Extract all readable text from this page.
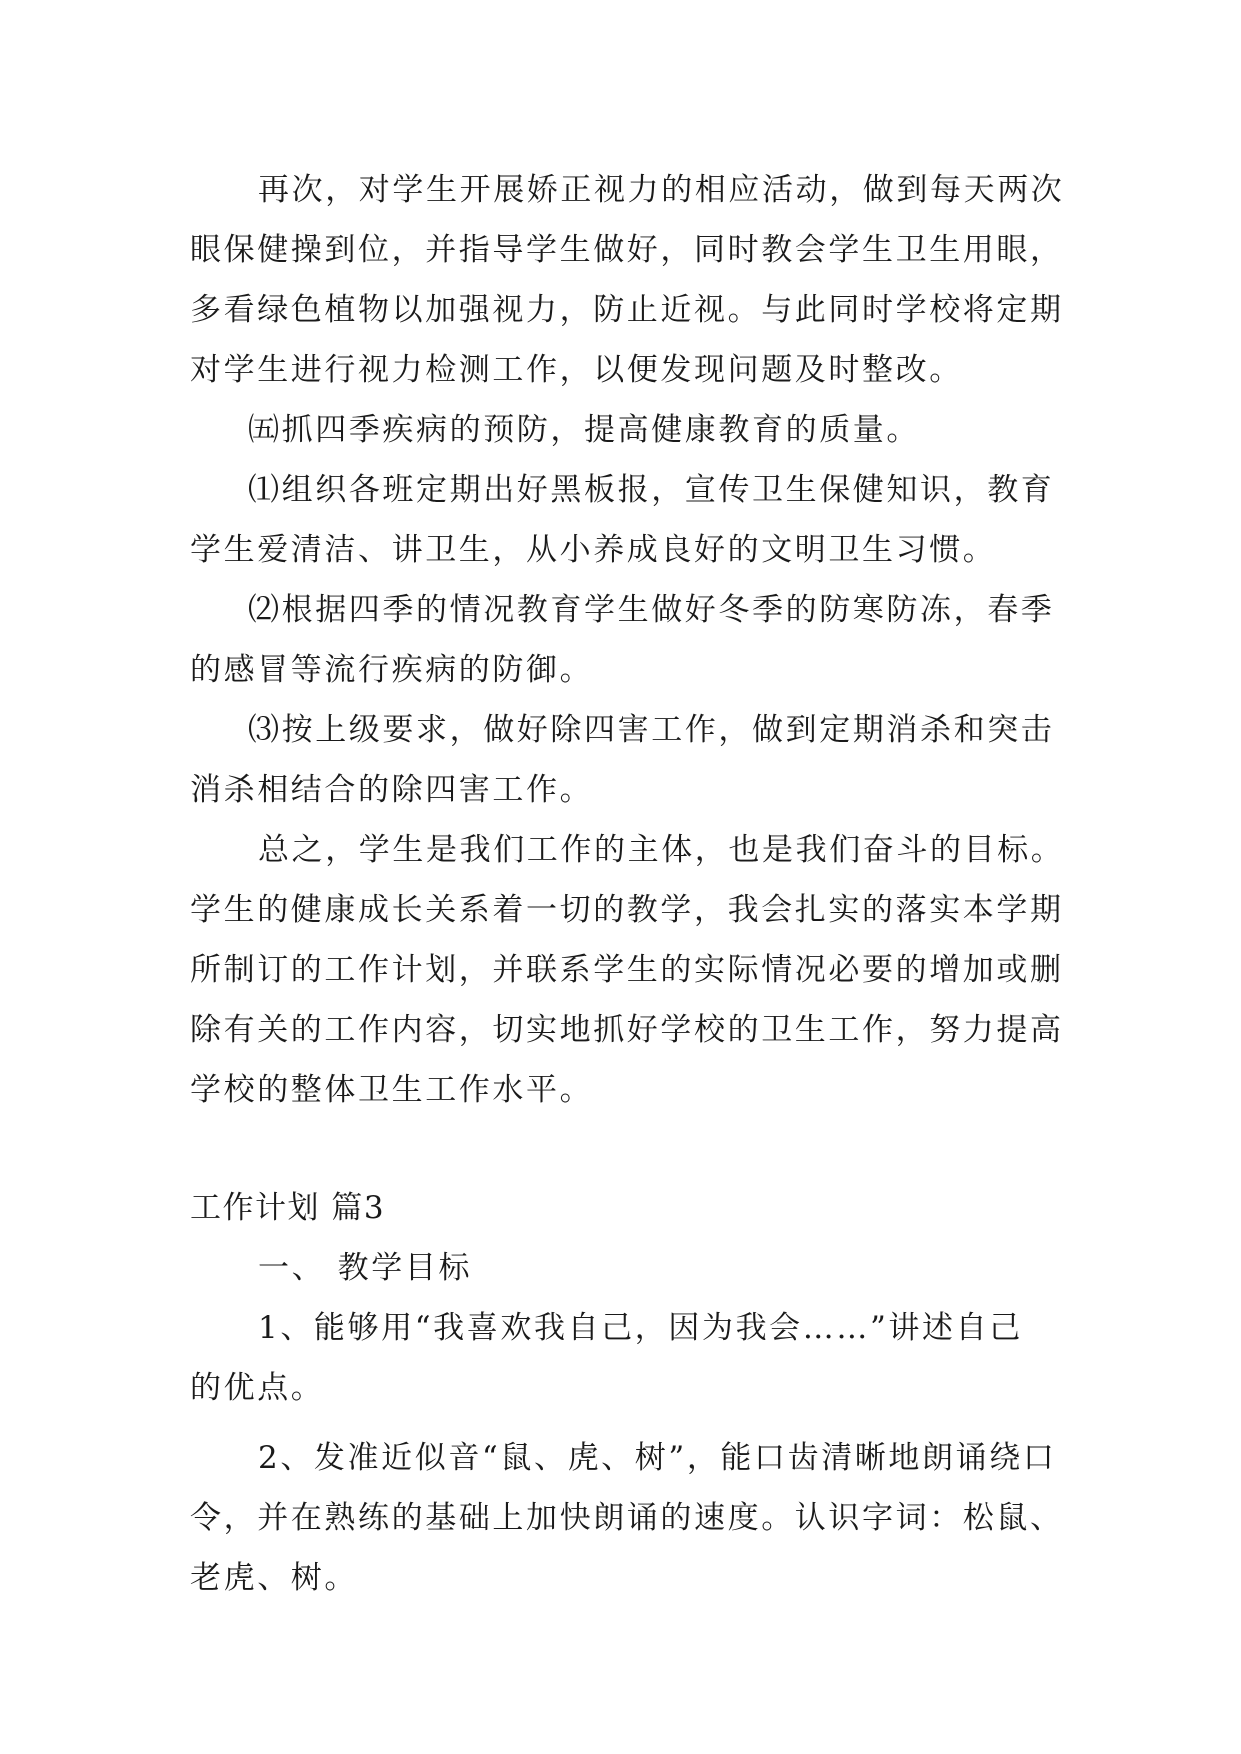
再次，对学生开展娇正视力的相应活动，做到每天两次
眼保健操到位，并指导学生做好，同时教会学生卫生用眼，
多看绿色植物以加强视力，防止近视。与此同时学校将定期
对学生进行视力检测工作，以便发现问题及时整改。
㈤抓四季疾病的预防，提高健康教育的质量。
⑴组织各班定期出好黑板报，宣传卫生保健知识，教育
学生爱清洁、讲卫生，从小养成良好的文明卫生习惯。
⑵根据四季的情况教育学生做好冬季的防寒防冻，春季
的感冒等流行疾病的防御。
⑶按上级要求，做好除四害工作，做到定期消杀和突击
消杀相结合的除四害工作。
总之，学生是我们工作的主体，也是我们奋斗的目标。
学生的健康成长关系着一切的教学，我会扎实的落实本学期
所制订的工作计划，并联系学生的实际情况必要的增加或删
除有关的工作内容，切实地抓好学校的卫生工作，努力提高
学校的整体卫生工作水平。
工作计划 篇3
一、 教学目标
1、能够用“我喜欢我自己，因为我会……”讲述自己
的优点。
2、发准近似音“鼠、虎、树”，能口齿清晰地朗诵绕口
令，并在熟练的基础上加快朗诵的速度。认识字词：松鼠、
老虎、树。
